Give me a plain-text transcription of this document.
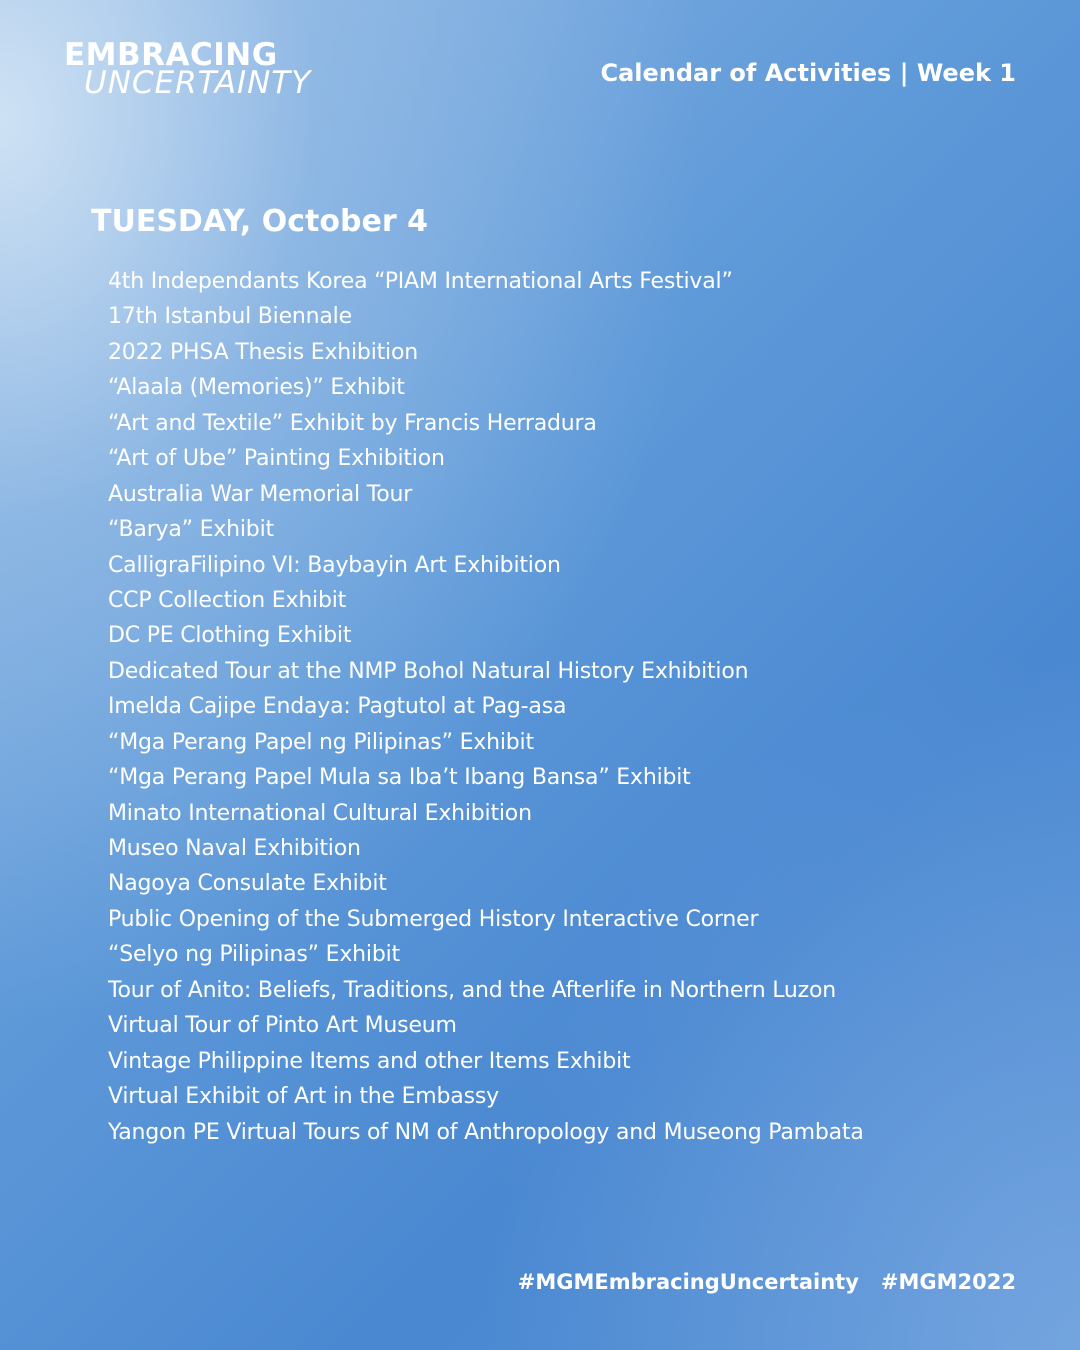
EMBRACING
UNCERTAINTY	Calendar of Activities | Week 1
TUESDAY, October 4
4th Independants Korea “PIAM International Arts Festival”
17th Istanbul Biennale
2022 PHSA Thesis Exhibition
“Alaala (Memories)” Exhibit
“Art and Textile” Exhibit by Francis Herradura
“Art of Ube” Painting Exhibition
Australia War Memorial Tour
“Barya” Exhibit
CalligraFilipino VI: Baybayin Art Exhibition
CCP Collection Exhibit
DC PE Clothing Exhibit
Dedicated Tour at the NMP Bohol Natural History Exhibition
Imelda Cajipe Endaya: Pagtutol at Pag-asa
“Mga Perang Papel ng Pilipinas” Exhibit
“Mga Perang Papel Mula sa Iba’t Ibang Bansa” Exhibit
Minato International Cultural Exhibition
Museo Naval Exhibition
Nagoya Consulate Exhibit
Public Opening of the Submerged History Interactive Corner
“Selyo ng Pilipinas” Exhibit
Tour of Anito: Beliefs, Traditions, and the Afterlife in Northern Luzon
Virtual Tour of Pinto Art Museum
Vintage Philippine Items and other Items Exhibit
Virtual Exhibit of Art in the Embassy
Yangon PE Virtual Tours of NM of Anthropology and Museong Pambata
#MGMEmbracingUncertainty #MGM2022
